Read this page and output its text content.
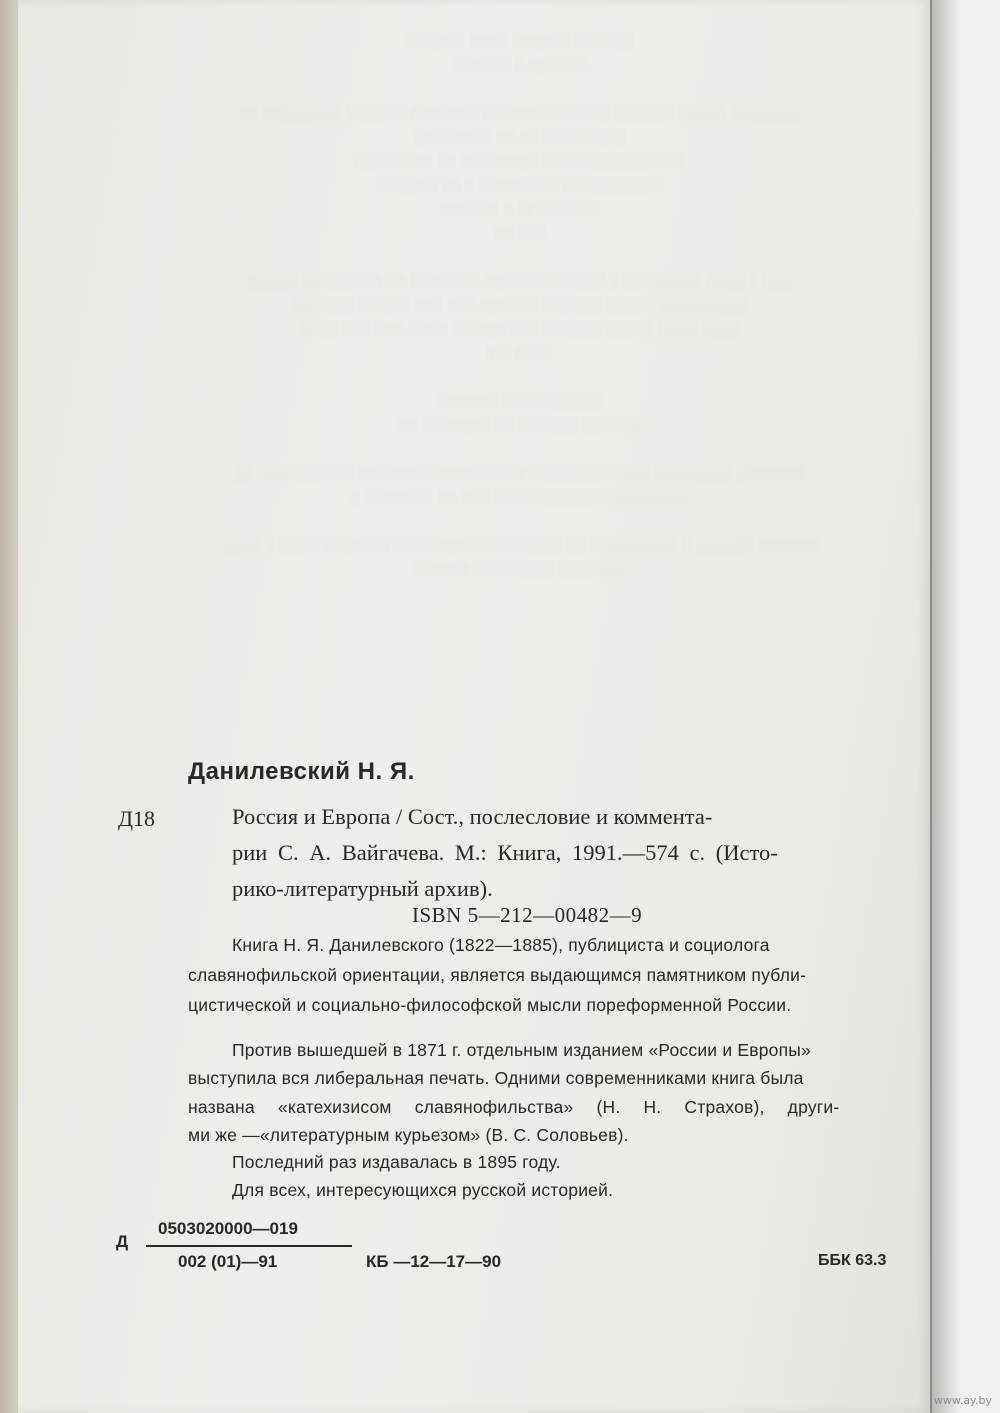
░░░░░░ ░░░░░░ ░░░░ ░░░░░░
░░░░░░ ░ ░░░░░░

░░░░░░░ ░░░░░ ░░░░░░ ░░░░░░░░░░░░░ ░░░░░░░ ░░░░░░ ░░░░░░░░ ░░
░ ░░░░░░░ ░░ ░░ ░░░░░░░░
░ ░░░░░░░░░░░░░ ░░░░░░░░ ░░ ░░░░░░░░
░░░░░░░░░░ ░░░░░░░░ ░ ░░ ░░░░░░
░░░░░░ ░░ ░ ░░░░░░
░░░ ░░

░░░ ░ ░░░░ ░░░░░░░░ ░ ░░░░░ ░░░░░░░ ░░░░░░░ ░░ ░░ ░░░░░░ ░░░░░
░░░░░░░░░ ░░░░░ ░░░░░░ ░░░░░░ ░░░ ░░░ ░ ░░░░ ░░░ ░░░
░░░░ ░░░░ ░░░░░ ░░░░░░ ░░░ ░░░ ░░ ░░░░ ░░░ ░░░ ░░░░
░░░░ ░ ░

░░░░░░░░░░ ░░░░░░
░░░░░░ ░░░░░░ ░░ ░░░░░░░ ░░

░░░░░░░ ░░░░░░░░ ░░░░░░░░░░░░ ░░░░░░░░░░░░░░░░░ ░░░░░░░░░░ ░░
░░░░░░░░░ ░░░░░░ ░░░░ ░░░ ░░ ░░░░░░░ ░

░░░░░░ ░░░░░░ ░ ░░░░░░░░░ ░░ ░░░░░░░░░░░░░░░░░ ░░░░░░░ ░░░░ ░ ░░░░
░░░░░░░ ░░░░░░░░ ░░░░░░
Данилевский Н. Я.
Д18	Россия и Европа / Сост., послесловие и коммента-
рии С. А. Вайгачева. М.: Книга, 1991.—574 с. (Исто-
рико-литературный архив).
ISBN 5—212—00482—9
Книга Н. Я. Данилевского (1822—1885), публициста и социолога
славянофильской ориентации, является выдающимся памятником публи-
цистической и социально-философской мысли пореформенной России.
Против вышедшей в 1871 г. отдельным изданием «России и Европы»
выступила вся либеральная печать. Одними современниками книга была
названа «катехизисом славянофильства» (Н. Н. Страхов), други-
ми же —«литературным курьезом» (В. С. Соловьев).
Последний раз издавалась в 1895 году.
Для всех, интересующихся русской историей.
Д
0503020000—019
002 (01)—91	КБ —12—17—90	ББК 63.3
www.ay.by
